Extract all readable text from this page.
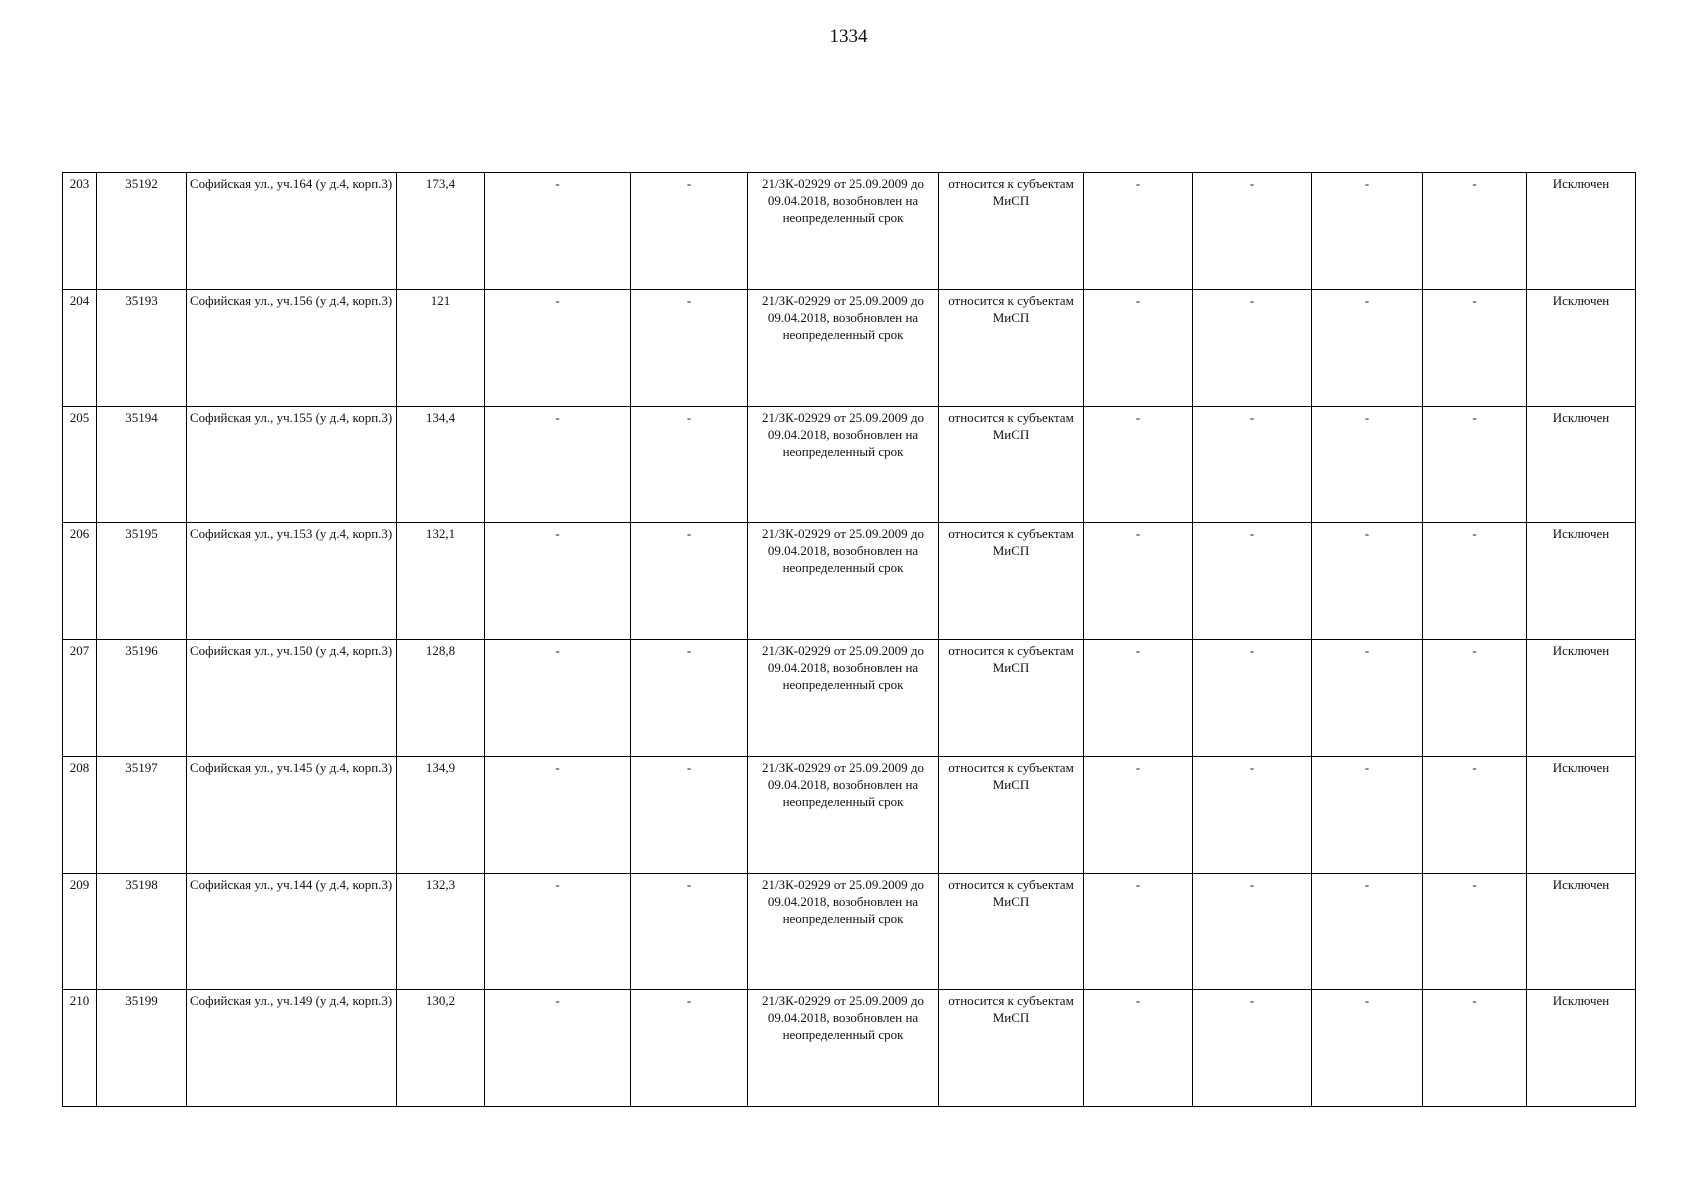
1334
203	35192	Софийская ул., уч.164 (у д.4, корп.3)	173,4	-	-	21/ЗК-02929 от 25.09.2009 до 09.04.2018, возобновлен на неопределенный срок	относится к субъектам МиСП	-	-	-	-	Исключен
204	35193	Софийская ул., уч.156 (у д.4, корп.3)	121	-	-	21/ЗК-02929 от 25.09.2009 до 09.04.2018, возобновлен на неопределенный срок	относится к субъектам МиСП	-	-	-	-	Исключен
205	35194	Софийская ул., уч.155 (у д.4, корп.3)	134,4	-	-	21/ЗК-02929 от 25.09.2009 до 09.04.2018, возобновлен на неопределенный срок	относится к субъектам МиСП	-	-	-	-	Исключен
206	35195	Софийская ул., уч.153 (у д.4, корп.3)	132,1	-	-	21/ЗК-02929 от 25.09.2009 до 09.04.2018, возобновлен на неопределенный срок	относится к субъектам МиСП	-	-	-	-	Исключен
207	35196	Софийская ул., уч.150 (у д.4, корп.3)	128,8	-	-	21/ЗК-02929 от 25.09.2009 до 09.04.2018, возобновлен на неопределенный срок	относится к субъектам МиСП	-	-	-	-	Исключен
208	35197	Софийская ул., уч.145 (у д.4, корп.3)	134,9	-	-	21/ЗК-02929 от 25.09.2009 до 09.04.2018, возобновлен на неопределенный срок	относится к субъектам МиСП	-	-	-	-	Исключен
209	35198	Софийская ул., уч.144 (у д.4, корп.3)	132,3	-	-	21/ЗК-02929 от 25.09.2009 до 09.04.2018, возобновлен на неопределенный срок	относится к субъектам МиСП	-	-	-	-	Исключен
210	35199	Софийская ул., уч.149 (у д.4, корп.3)	130,2	-	-	21/ЗК-02929 от 25.09.2009 до 09.04.2018, возобновлен на неопределенный срок	относится к субъектам МиСП	-	-	-	-	Исключен
